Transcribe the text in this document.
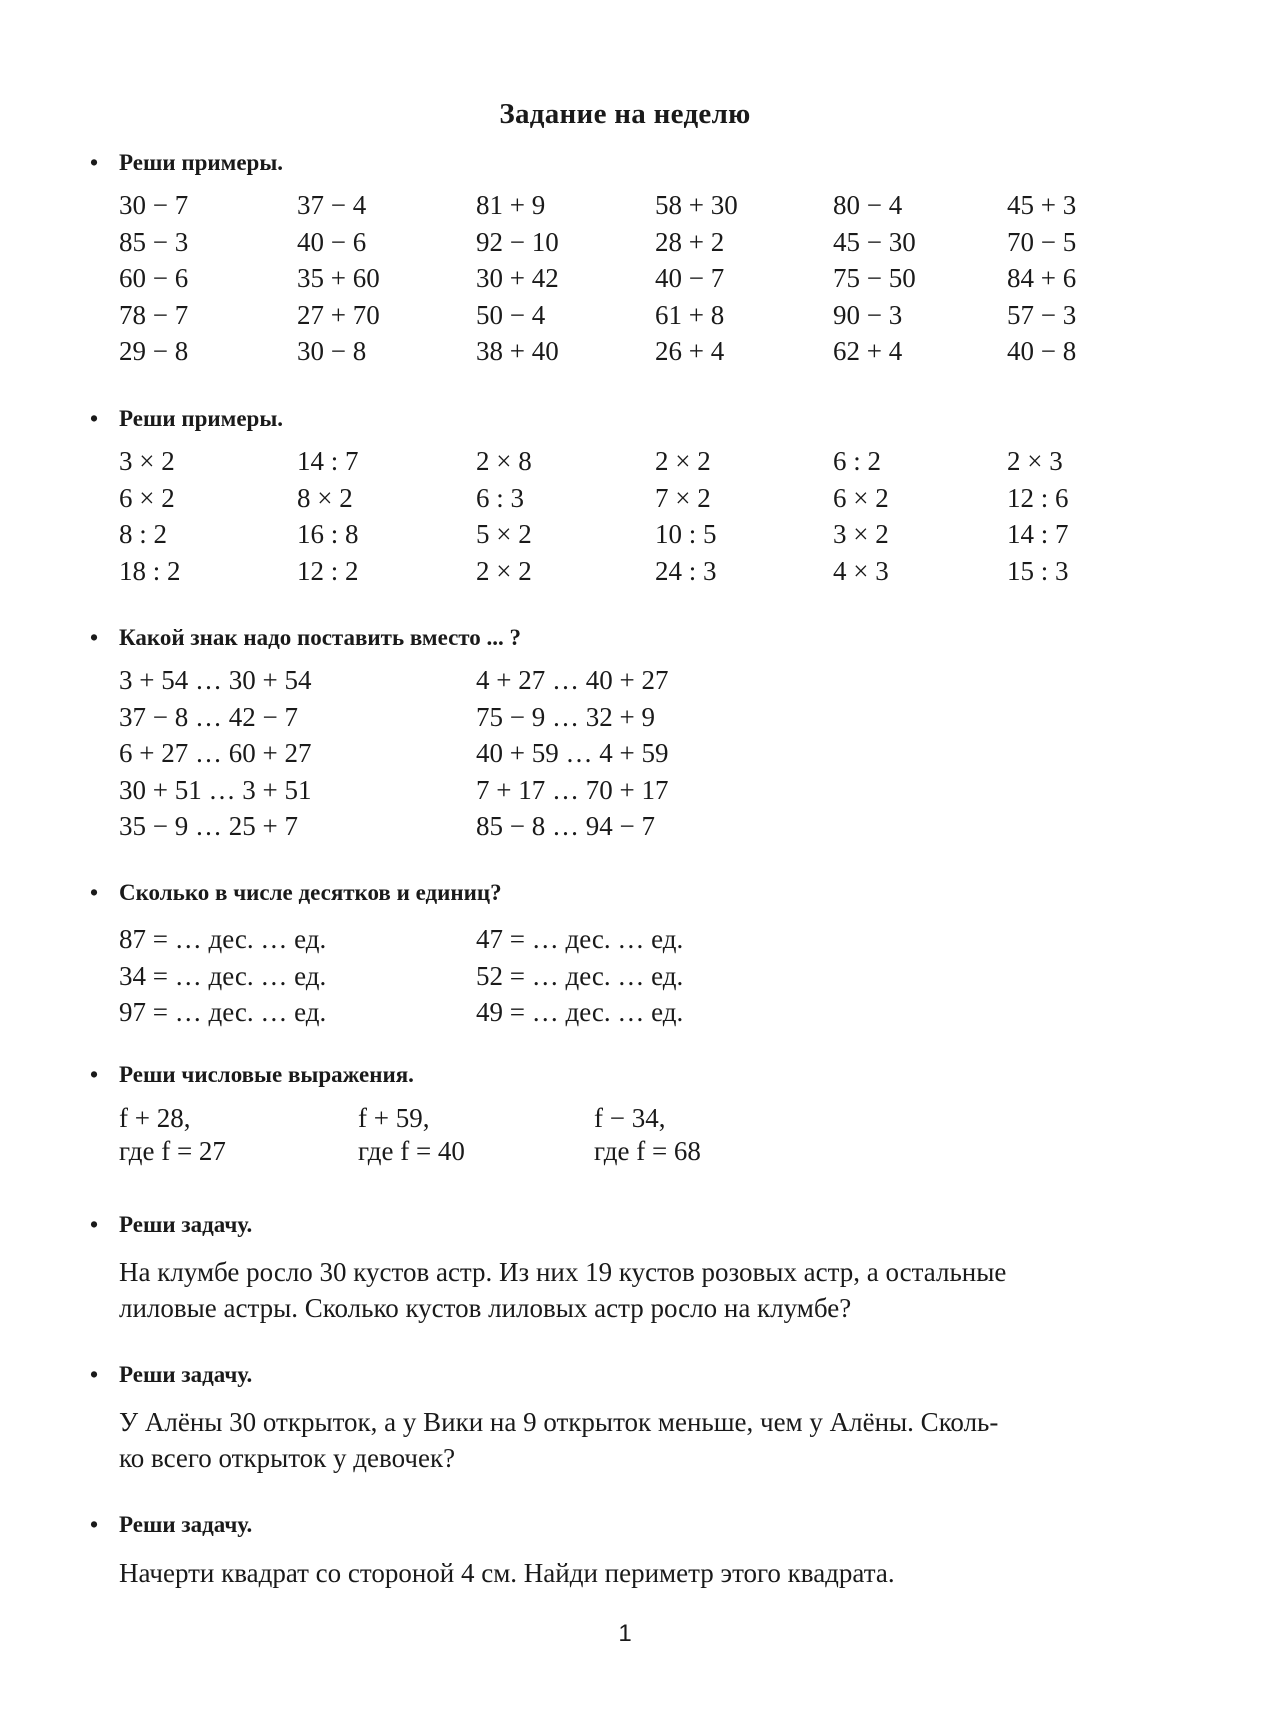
Задание на неделю
• Реши примеры.
30 − 7	37 − 4	81 + 9	58 + 30	80 − 4	45 + 3
85 − 3	40 − 6	92 − 10	28 + 2	45 − 30	70 − 5
60 − 6	35 + 60	30 + 42	40 − 7	75 − 50	84 + 6
78 − 7	27 + 70	50 − 4	61 + 8	90 − 3	57 − 3
29 − 8	30 − 8	38 + 40	26 + 4	62 + 4	40 − 8
• Реши примеры.
3 × 2	14 : 7	2 × 8	2 × 2	6 : 2	2 × 3
6 × 2	8 × 2	6 : 3	7 × 2	6 × 2	12 : 6
8 : 2	16 : 8	5 × 2	10 : 5	3 × 2	14 : 7
18 : 2	12 : 2	2 × 2	24 : 3	4 × 3	15 : 3
• Какой знак надо поставить вместо ... ?
3 + 54 … 30 + 54	4 + 27 … 40 + 27
37 − 8 … 42 − 7	75 − 9 … 32 + 9
6 + 27 … 60 + 27	40 + 59 … 4 + 59
30 + 51 … 3 + 51	7 + 17 … 70 + 17
35 − 9 … 25 + 7	85 − 8 … 94 − 7
• Сколько в числе десятков и единиц?
87 = … дес. … ед.	47 = … дес. … ед.
34 = … дес. … ед.	52 = … дес. … ед.
97 = … дес. … ед.	49 = … дес. … ед.
• Реши числовые выражения.
f + 28,	f + 59,	f − 34,
где f = 27	где f = 40	где f = 68
• Реши задачу.

На клумбе росло 30 кустов астр. Из них 19 кустов розовых астр, а остальные

лиловые астры. Сколько кустов лиловых астр росло на клумбе?

• Реши задачу.

У Алёны 30 открыток, а у Вики на 9 открыток меньше, чем у Алёны. Сколь-

ко всего открыток у девочек?

• Реши задачу.

Начерти квадрат со стороной 4 см. Найди периметр этого квадрата.

1
